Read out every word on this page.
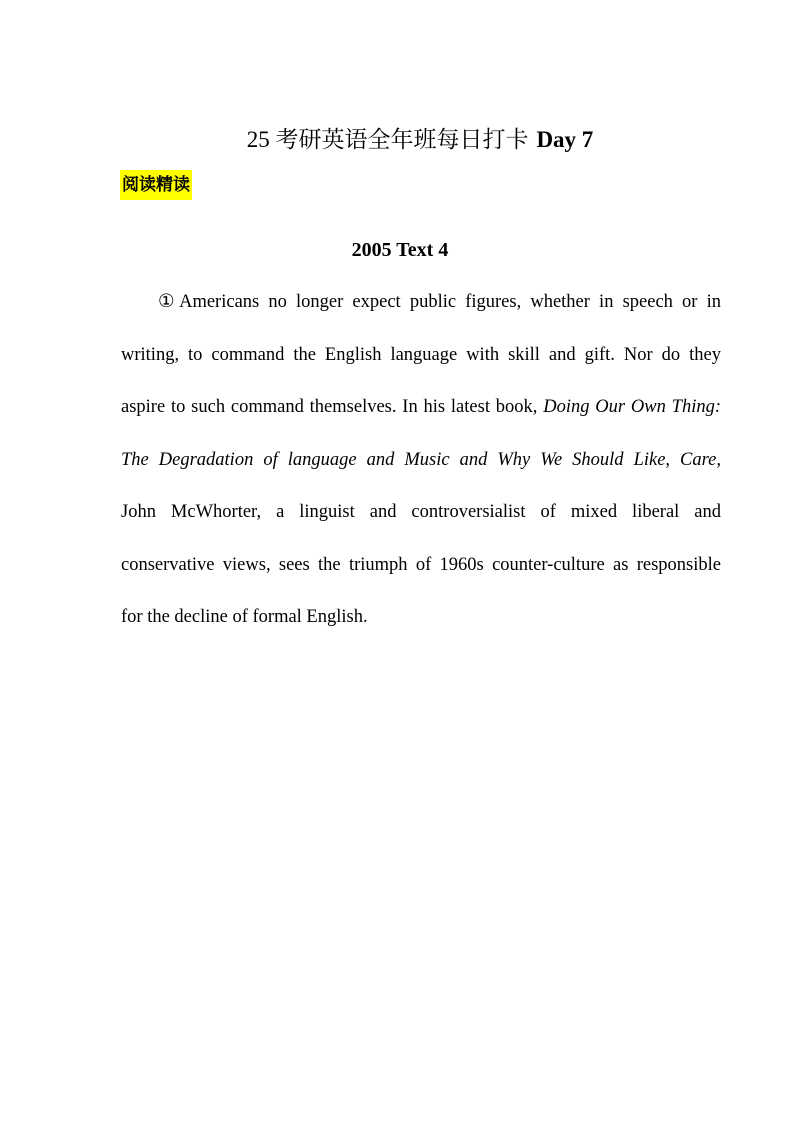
25 考研英语全年班每日打卡 Day 7
阅读精读
2005 Text 4
①Americans no longer expect public figures, whether in speech or in
writing, to command the English language with skill and gift. Nor do they
aspire to such command themselves. In his latest book, Doing Our Own Thing:
The Degradation of language and Music and Why We Should Like, Care,
John McWhorter, a linguist and controversialist of mixed liberal and
conservative views, sees the triumph of 1960s counter-culture as responsible
for the decline of formal English.
